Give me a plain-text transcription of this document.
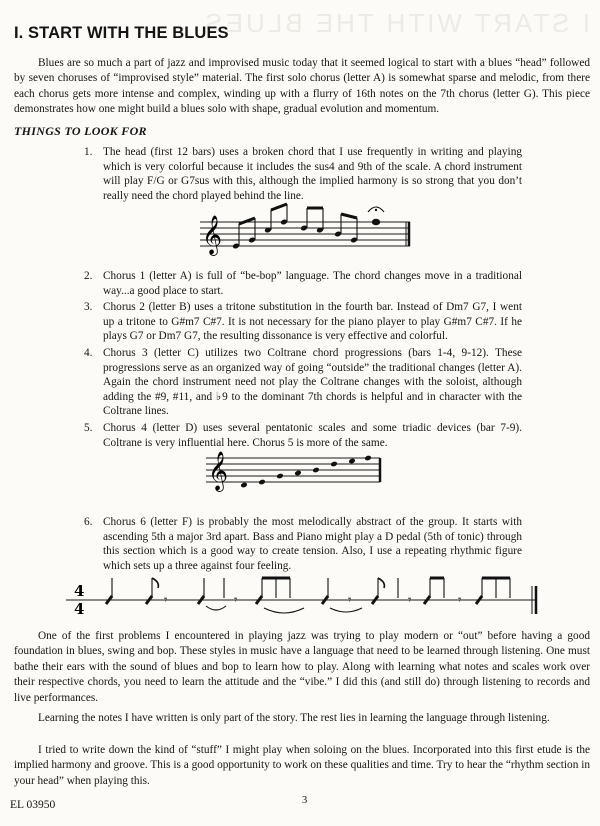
I START WITH THE BLUES
I. START WITH THE BLUES

Blues are so much a part of jazz and improvised music today that it seemed logical to start with a blues “head” followed by seven choruses of “improvised style” material. The first solo chorus (letter A) is somewhat sparse and melodic, from there each chorus gets more intense and complex, winding up with a flurry of 16th notes on the 7th chorus (letter G). This piece demonstrates how one might build a blues solo with shape, gradual evolution and momentum.

THINGS TO LOOK FOR
1. The head (first 12 bars) uses a broken chord that I use frequently in writing and playing which is very colorful because it includes the sus4 and 9th of the scale. A chord instrument will play F/G or G7sus with this, although the implied harmony is so strong that you don’t really need the chord played behind the line.
𝄞
2. Chorus 1 (letter A) is full of “be-bop” language. The chord changes move in a traditional way...a good place to start.
3. Chorus 2 (letter B) uses a tritone substitution in the fourth bar. Instead of Dm7 G7, I went up a tritone to G#m7 C#7. It is not necessary for the piano player to play G#m7 C#7. If he plays G7 or Dm7 G7, the resulting dissonance is very effective and colorful.
4. Chorus 3 (letter C) utilizes two Coltrane chord progressions (bars 1-4, 9-12). These progressions serve as an organized way of going “outside” the traditional changes (letter A). Again the chord instrument need not play the Coltrane changes with the soloist, although adding the #9, #11, and ♭9 to the dominant 7th chords is helpful and in character with the Coltrane lines.
5. Chorus 4 (letter D) uses several pentatonic scales and some triadic devices (bar 7-9). Coltrane is very influential here. Chorus 5 is more of the same.
𝄞
6. Chorus 6 (letter F) is probably the most melodically abstract of the group. It starts with ascending 5th a major 3rd apart. Bass and Piano might play a D pedal (5th of tonic) through this section which is a good way to create tension. Also, I use a repeating rhythmic figure which sets up a three against four feeling.
4
4	𝄾	𝄾	𝄾	𝄾	𝄾

One of the first problems I encountered in playing jazz was trying to play modern or “out” before having a good foundation in blues, swing and bop. These styles in music have a language that need to be learned through listening. One must bathe their ears with the sound of blues and bop to learn how to play. Along with learning what notes and scales work over their respective chords, you need to learn the attitude and the “vibe.” I did this (and still do) through listening to records and live performances.

Learning the notes I have written is only part of the story. The rest lies in learning the language through listening.

I tried to write down the kind of “stuff” I might play when soloing on the blues. Incorporated into this first etude is the implied harmony and groove. This is a good opportunity to work on these qualities and time. Try to hear the “rhythm section in your head” when playing this.

EL 03950	3
